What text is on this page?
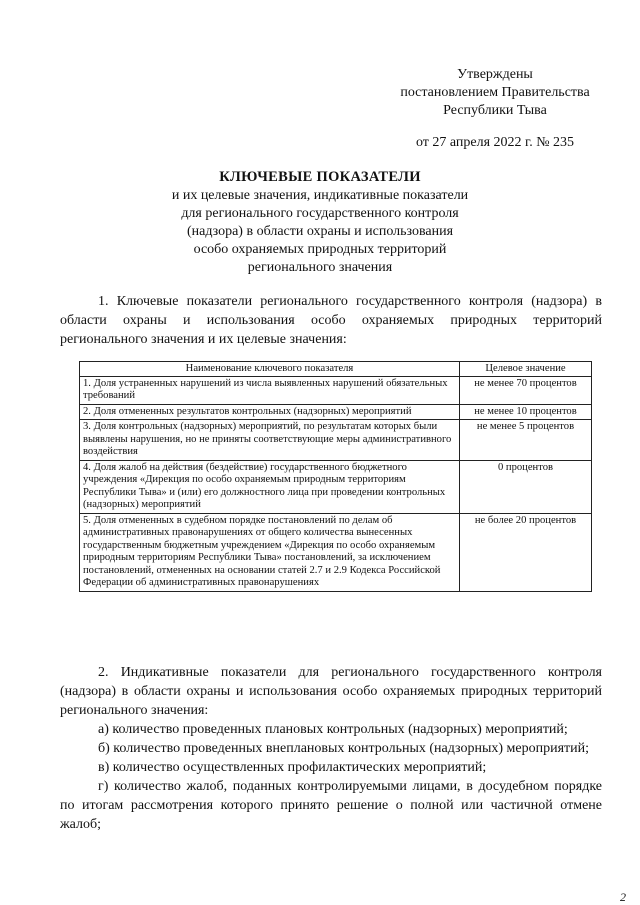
Утверждены
постановлением Правительства
Республики Тыва
от 27 апреля 2022 г. № 235
КЛЮЧЕВЫЕ ПОКАЗАТЕЛИ
и их целевые значения, индикативные показатели
для регионального государственного контроля
(надзора) в области охраны и использования
особо охраняемых природных территорий
регионального значения

1. Ключевые показатели регионального государственного контроля (надзора) в области охраны и использования особо охраняемых природных территорий регионального значения и их целевые значения:

Наименование ключевого показателя	Целевое значение
1. Доля устраненных нарушений из числа выявленных нарушений обязательных требований	не менее 70 процентов
2. Доля отмененных результатов контрольных (надзорных) мероприятий	не менее 10 процентов
3. Доля контрольных (надзорных) мероприятий, по результатам которых были выявлены нарушения, но не приняты соответствующие меры административного воздействия	не менее 5 процентов
4. Доля жалоб на действия (бездействие) государственного бюджетного учреждения «Дирекция по особо охраняемым природным территориям Республики Тыва» и (или) его должностного лица при проведении контрольных (надзорных) мероприятий	0 процентов
5. Доля отмененных в судебном порядке постановлений по делам об административных правонарушениях от общего количества вынесенных государственным бюджетным учреждением «Дирекция по особо охраняемым природным территориям Республики Тыва» постановлений, за исключением постановлений, отмененных на основании статей 2.7 и 2.9 Кодекса Российской Федерации об административных правонарушениях	не более 20 процентов

2. Индикативные показатели для регионального государственного контроля (надзора) в области охраны и использования особо охраняемых природных территорий регионального значения:

а) количество проведенных плановых контрольных (надзорных) мероприятий;

б) количество проведенных внеплановых контрольных (надзорных) мероприятий;

в) количество осуществленных профилактических мероприятий;

г) количество жалоб, поданных контролируемыми лицами, в досудебном порядке по итогам рассмотрения которого принято решение о полной или частичной отмене жалоб;

2
